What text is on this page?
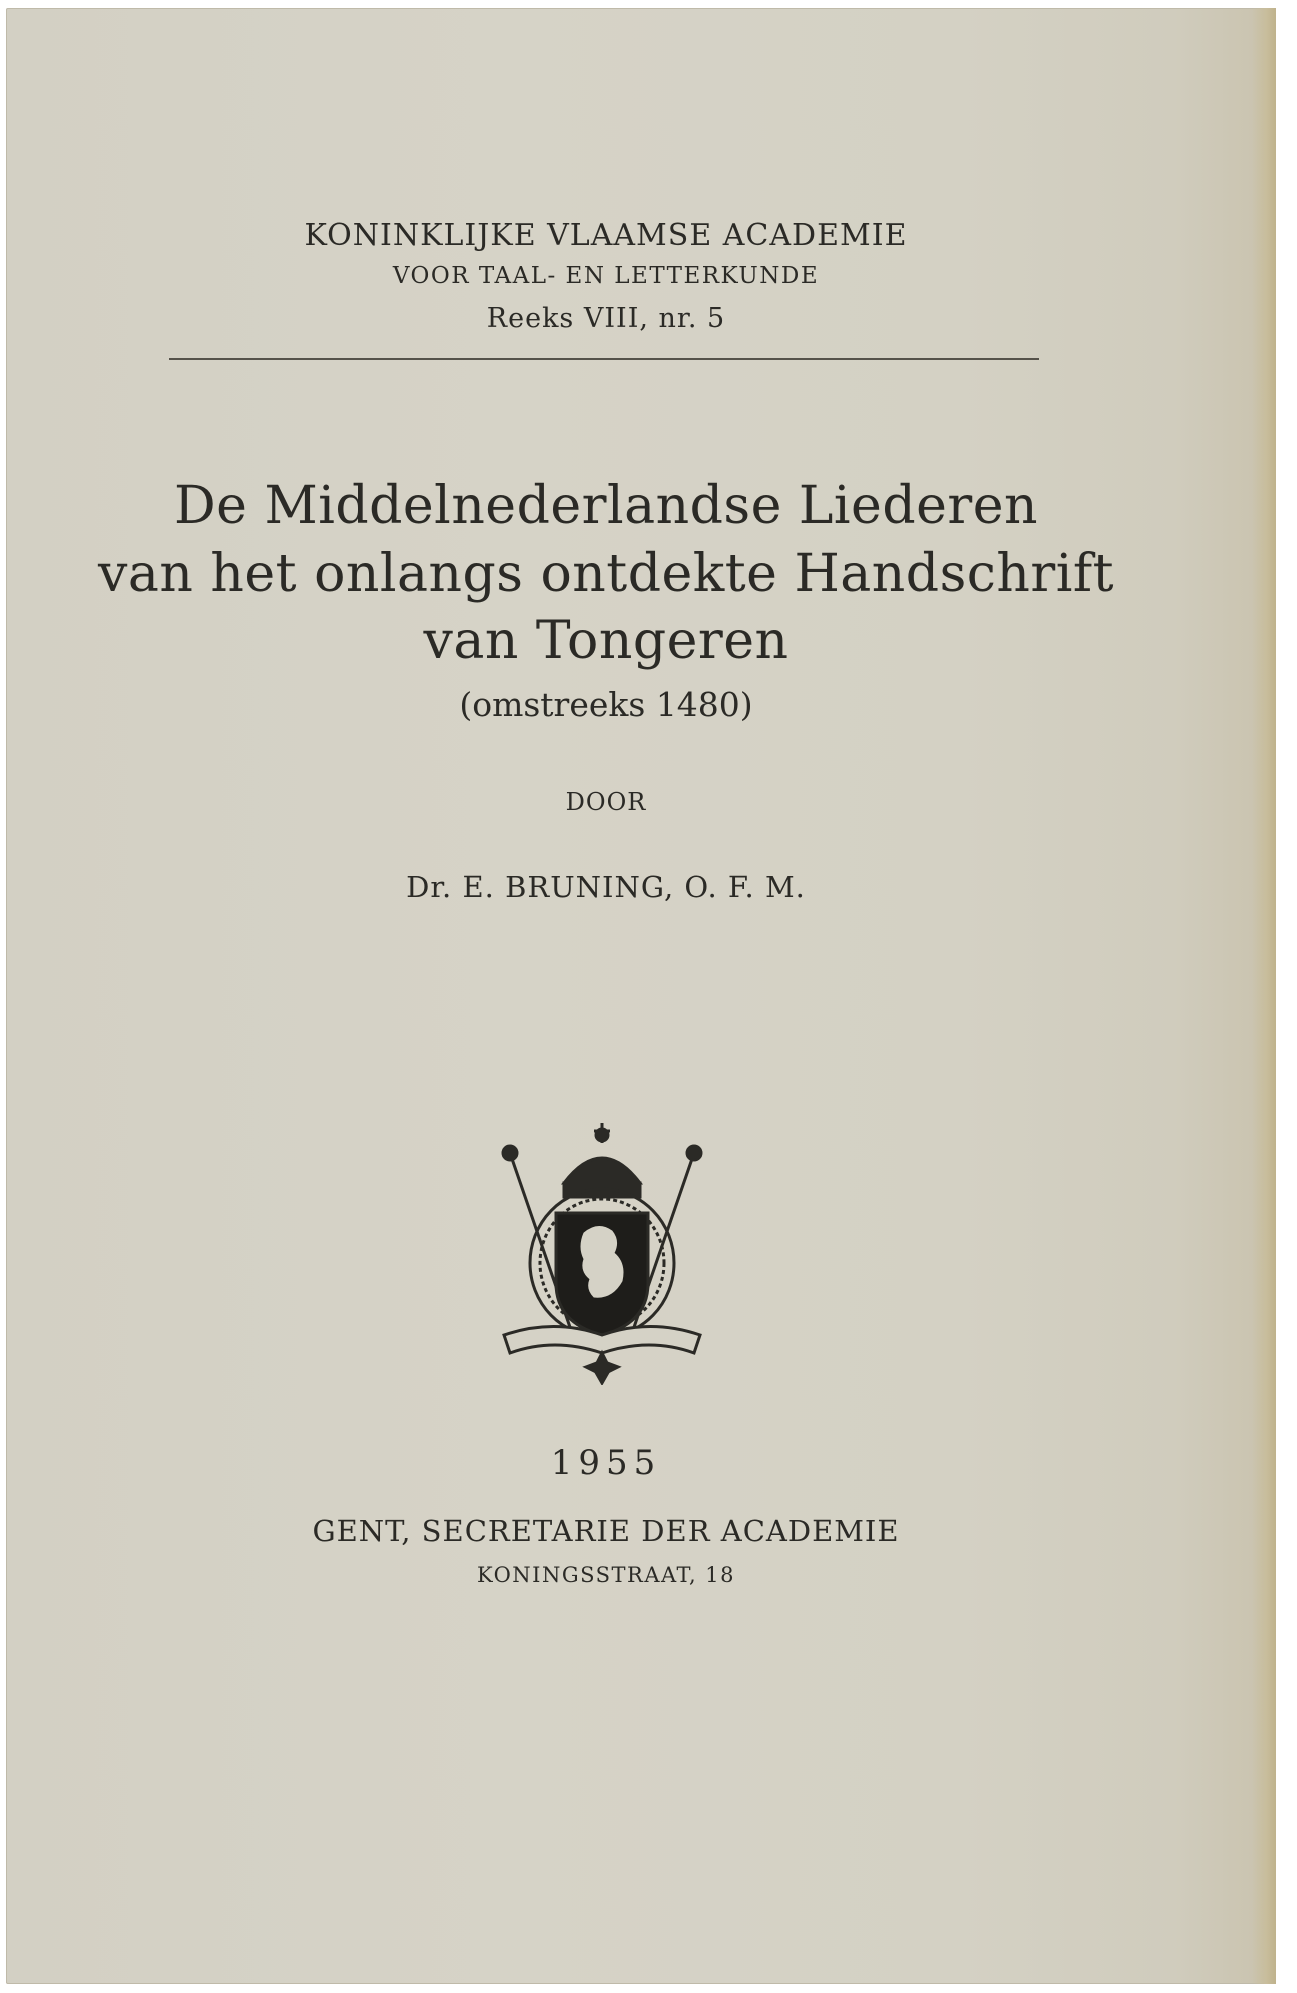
KONINKLIJKE VLAAMSE ACADEMIE
VOOR TAAL- EN LETTERKUNDE
Reeks VIII, nr. 5
De Middelnederlandse Liederen
van het onlangs ontdekte Handschrift
van Tongeren
(omstreeks 1480)
DOOR
Dr. E. BRUNING, O. F. M.
1955
GENT, SECRETARIE DER ACADEMIE
KONINGSSTRAAT, 18
